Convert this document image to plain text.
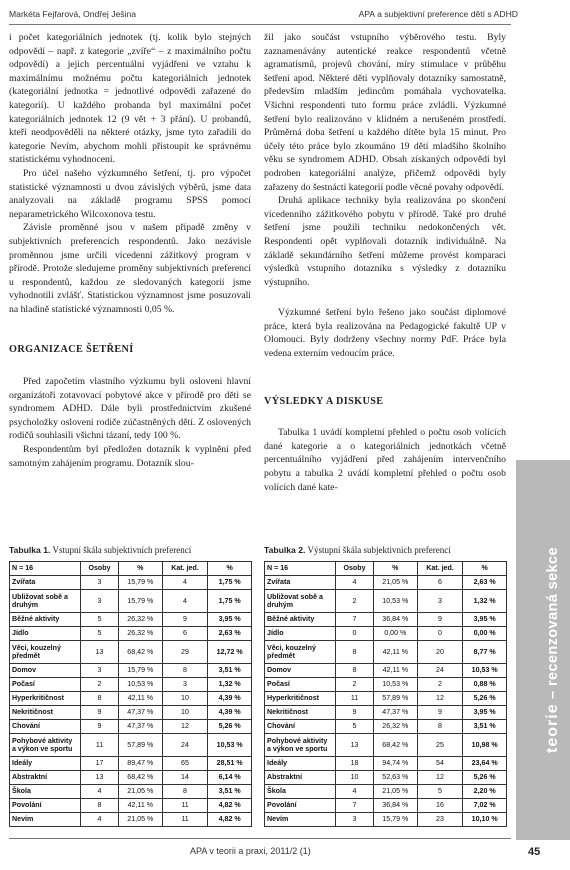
Markéta Fejfarová, Ondřej Ješina	APA a subjektivní preference dětí s ADHD

i počet kategoriálních jednotek (tj. kolik bylo stejných odpovědí – např. z kategorie „zvíře“ – z maximálního počtu odpovědí) a jejich percentuální vyjádření ve vztahu k maximálnímu možnému počtu kategoriálních jednotek (kategoriální jednotka = jednotlivé odpovědi zařazené do kategorií). U každého probanda byl maximální počet kategoriálních jednotek 12 (9 vět + 3 přání). U probandů, kteří neodpověděli na některé otázky, jsme tyto zařadili do kategorie Nevím, abychom mohli přistoupit ke správnému statistickému vyhodnocení.

Pro účel našeho výzkumného šetření, tj. pro výpočet statistické významnosti u dvou závislých výběrů, jsme data analyzovali na základě programu SPSS pomocí neparametrického Wilcoxonova testu.

Závisle proměnné jsou v našem případě změny v subjektivních preferencích respondentů. Jako nezávisle proměnnou jsme určili vícedenní zážitkový program v přírodě. Protože sledujeme proměny subjektivních preferencí u respondentů, každou ze sledovaných kategorií jsme vyhodnotili zvlášť. Statistickou významnost jsme posuzovali na hladině statistické významnosti 0,05 %.

ORGANIZACE ŠETŘENÍ

Před započetím vlastního výzkumu byli osloveni hlavní organizátoři zotavovací pobytové akce v přírodě pro děti se syndromem ADHD. Dále byli prostřednictvím zkušené psycholožky osloveni rodiče zúčastněných dětí. Z oslovených rodičů souhlasili všichni tázaní, tedy 100 %.

Respondentům byl předložen dotazník k vyplnění před samotným zahájením programu. Dotazník slou-

žil jako součást vstupního výběrového testu. Byly zaznamenávány autentické reakce respondentů včetně agramatismů, projevů chování, míry stimulace v průběhu šetření apod. Některé děti vyplňovaly dotazníky samostatně, především mladším jedincům pomáhala vychovatelka. Všichni respondenti tuto formu práce zvládli. Výzkumné šetření bylo realizováno v klidném a nerušeném prostředí. Průměrná doba šetření u každého dítěte byla 15 minut. Pro účely této práce bylo zkoumáno 19 dětí mladšího školního věku se syndromem ADHD. Obsah získaných odpovědí byl podroben kategoriální analýze, přičemž odpovědi byly zařazeny do šestnácti kategorií podle věcné povahy odpovědí.

Druhá aplikace techniky byla realizována po skončení vícedenního zážitkového pobytu v přírodě. Také pro druhé šetření jsme použili techniku nedokončených vět. Respondenti opět vyplňovali dotazník individuálně. Na základě sekundárního šetření můžeme provést komparaci výsledků vstupního dotazníku s výsledky z dotazníku výstupního.

Výzkumné šetření bylo řešeno jako součást diplomové práce, která byla realizována na Pedagogické fakultě UP v Olomouci. Byly dodrženy všechny normy PdF. Práce byla vedena externím vedoucím práce.

VÝSLEDKY A DISKUSE

Tabulka 1 uvádí kompletní přehled o počtu osob volících dané kategorie a o kategoriálních jednotkách včetně percentuálního vyjádření před zahájením intervenčního pobytu a tabulka 2 uvádí kompletní přehled o počtu osob volících dané kate-

Tabulka 1. Vstupní škála subjektivních preferencí
N = 16	Osoby	%	Kat. jed.	%
Zvířata	3	15,79 %	4	1,75 %
Ubližovat sobě a druhým	3	15,79 %	4	1,75 %
Běžné aktivity	5	26,32 %	9	3,95 %
Jídlo	5	26,32 %	6	2,63 %
Věci, kouzelný předmět	13	68,42 %	29	12,72 %
Domov	3	15,79 %	8	3,51 %
Počasí	2	10,53 %	3	1,32 %
Hyperkritičnost	8	42,11 %	10	4,39 %
Nekritičnost	9	47,37 %	10	4,39 %
Chování	9	47,37 %	12	5,26 %
Pohybové aktivity a výkon ve sportu	11	57,89 %	24	10,53 %
Ideály	17	89,47 %	65	28,51 %
Abstraktní	13	68,42 %	14	6,14 %
Škola	4	21,05 %	8	3,51 %
Povolání	8	42,11 %	11	4,82 %
Nevím	4	21,05 %	11	4,82 %
Tabulka 2. Výstupní škála subjektivních preferencí
N = 16	Osoby	%	Kat. jed.	%
Zvířata	4	21,05 %	6	2,63 %
Ubližovat sobě a druhým	2	10,53 %	3	1,32 %
Běžné aktivity	7	36,84 %	9	3,95 %
Jídlo	0	0,00 %	0	0,00 %
Věci, kouzelný předmět	8	42,11 %	20	8,77 %
Domov	8	42,11 %	24	10,53 %
Počasí	2	10,53 %	2	0,88 %
Hyperkritičnost	11	57,89 %	12	5,26 %
Nekritičnost	9	47,37 %	9	3,95 %
Chování	5	26,32 %	8	3,51 %
Pohybové aktivity a výkon ve sportu	13	68,42 %	25	10,98 %
Ideály	18	94,74 %	54	23,64 %
Abstraktní	10	52,63 %	12	5,26 %
Škola	4	21,05 %	5	2,20 %
Povolání	7	36,84 %	16	7,02 %
Nevím	3	15,79 %	23	10,10 %
teorie

–

recenzovaná sekce
APA v teorii a praxi, 2011/2 (1)	45
